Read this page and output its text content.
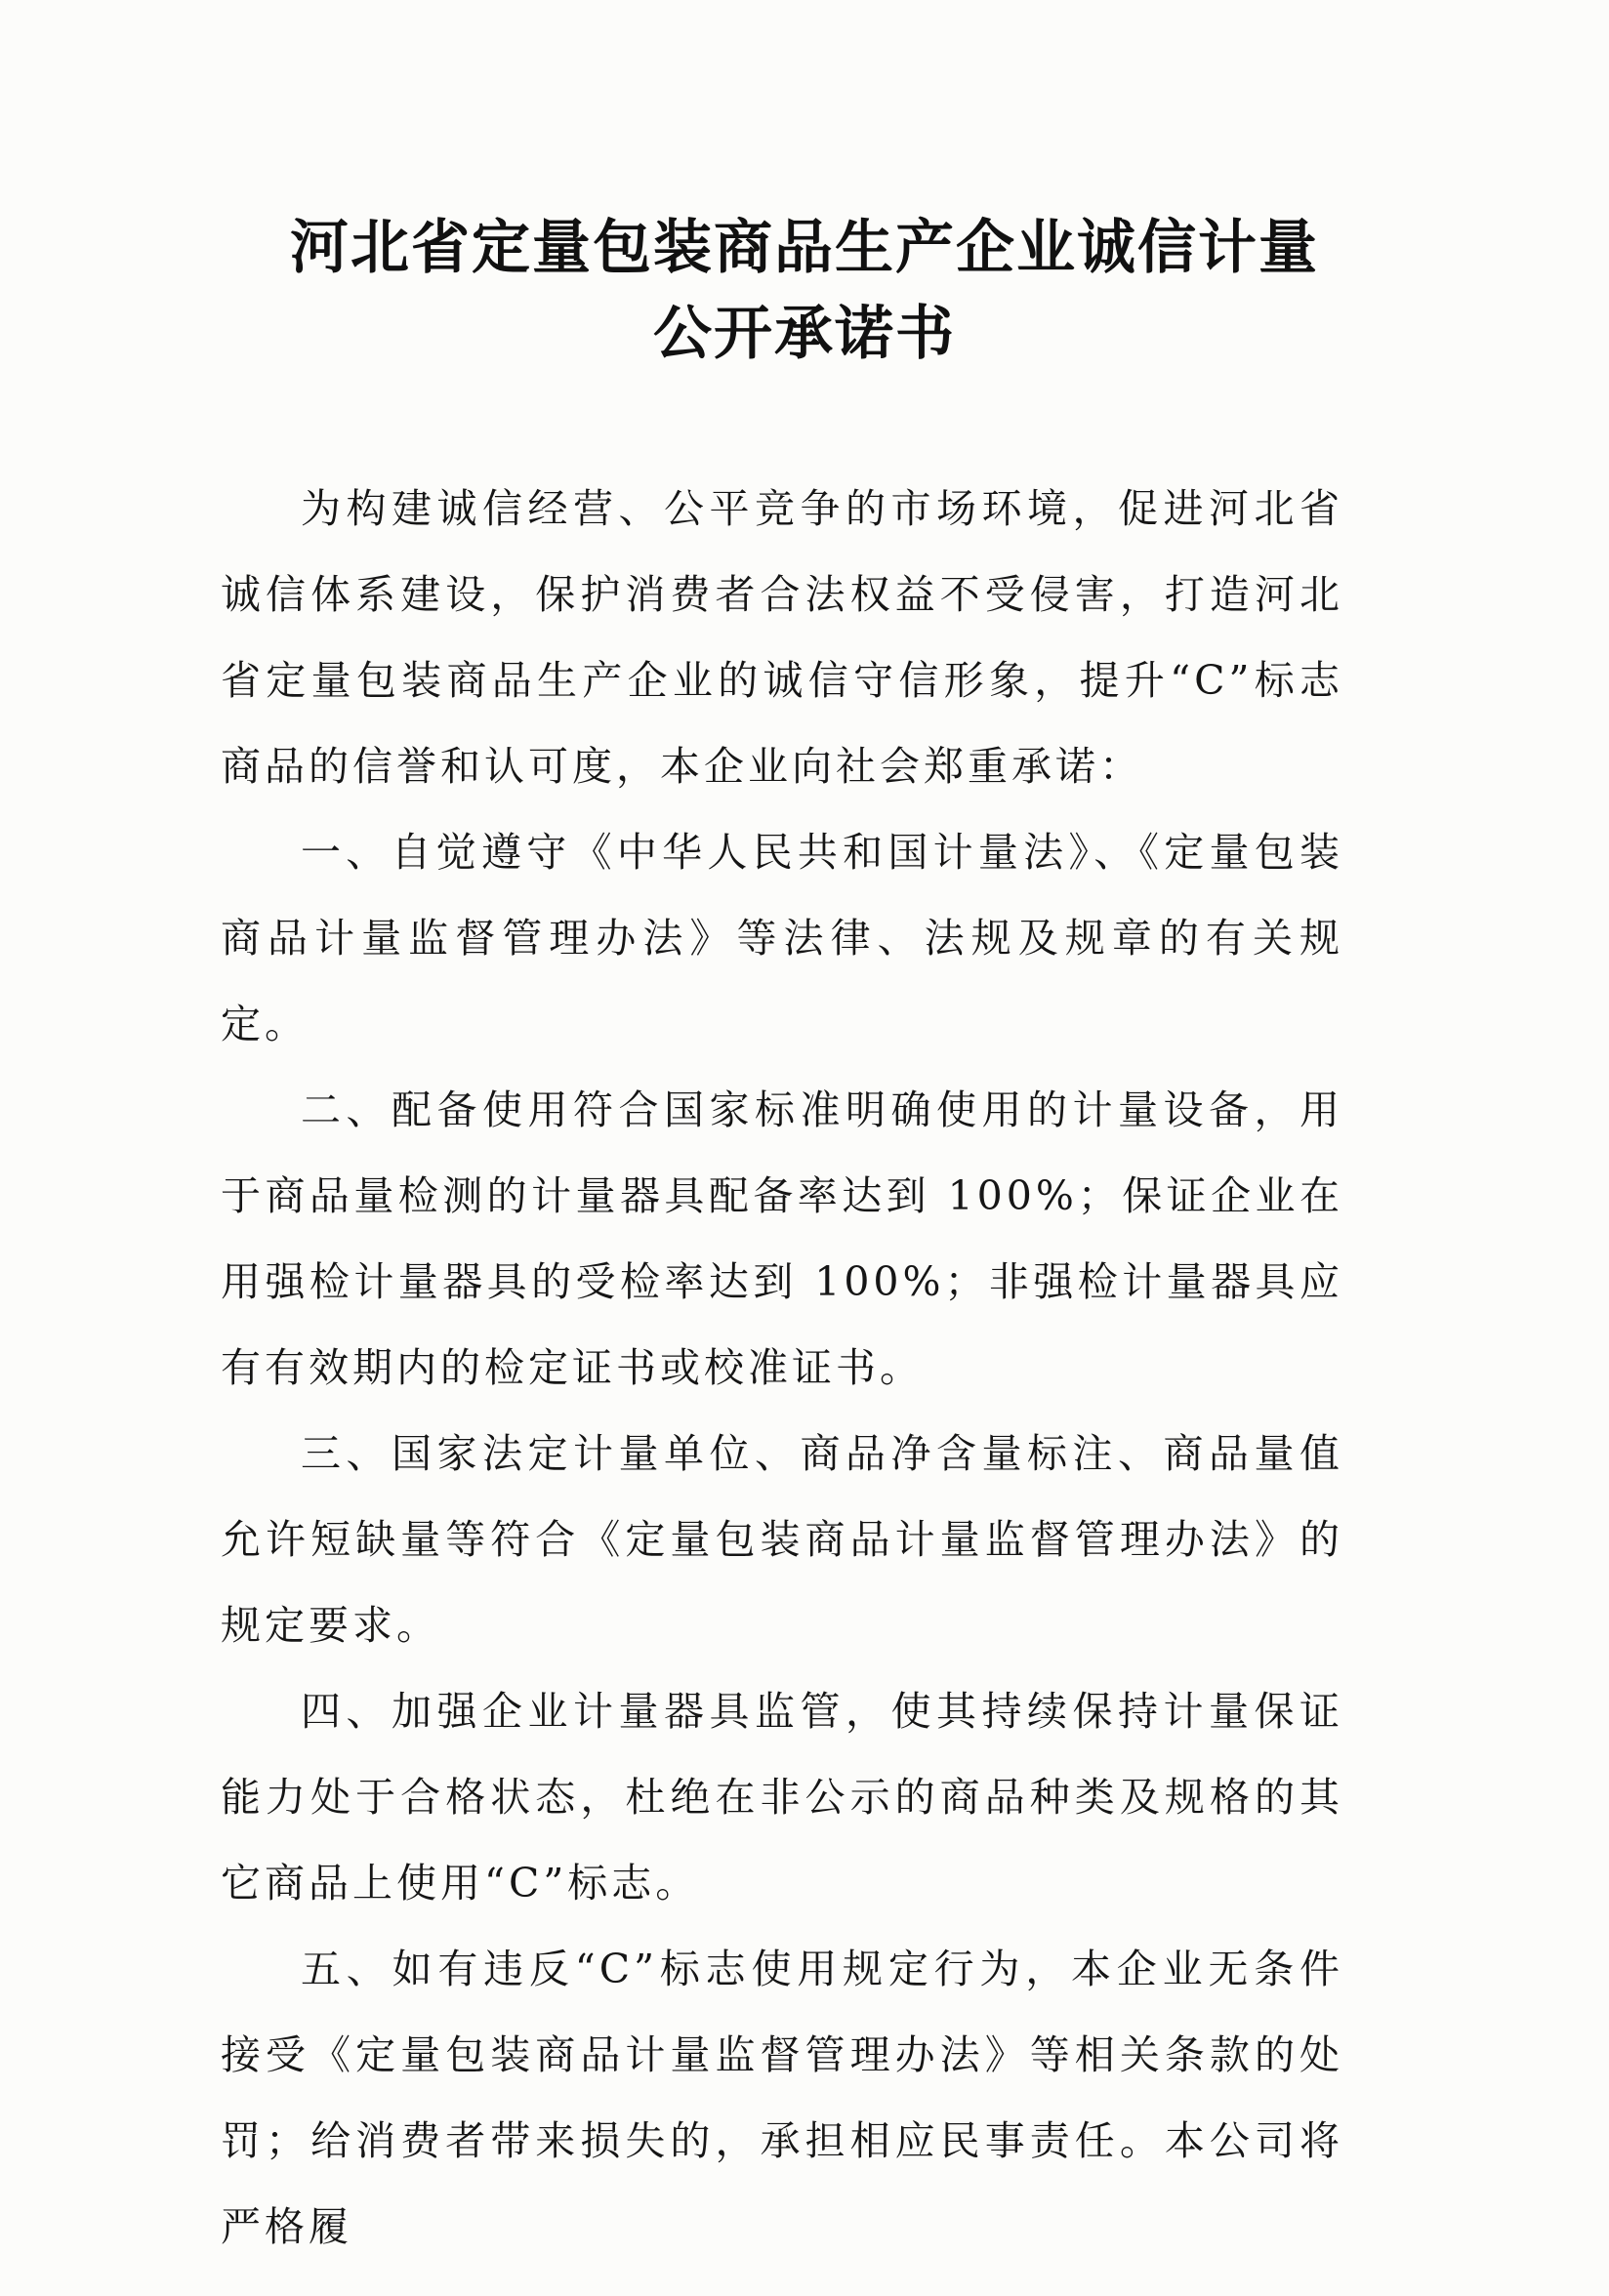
河北省定量包装商品生产企业诚信计量
公开承诺书

为构建诚信经营、公平竞争的市场环境，促进河北省诚信体系建设，保护消费者合法权益不受侵害，打造河北省定量包装商品生产企业的诚信守信形象，提升“C”标志商品的信誉和认可度，本企业向社会郑重承诺：

一、自觉遵守《中华人民共和国计量法》、《定量包装商品计量监督管理办法》等法律、法规及规章的有关规定。

二、配备使用符合国家标准明确使用的计量设备，用于商品量检测的计量器具配备率达到 100%；保证企业在用强检计量器具的受检率达到 100%；非强检计量器具应有有效期内的检定证书或校准证书。

三、国家法定计量单位、商品净含量标注、商品量值允许短缺量等符合《定量包装商品计量监督管理办法》的规定要求。

四、加强企业计量器具监管，使其持续保持计量保证能力处于合格状态，杜绝在非公示的商品种类及规格的其它商品上使用“C”标志。

五、如有违反“C”标志使用规定行为，本企业无条件接受《定量包装商品计量监督管理办法》等相关条款的处罚；给消费者带来损失的，承担相应民事责任。本公司将严格履
